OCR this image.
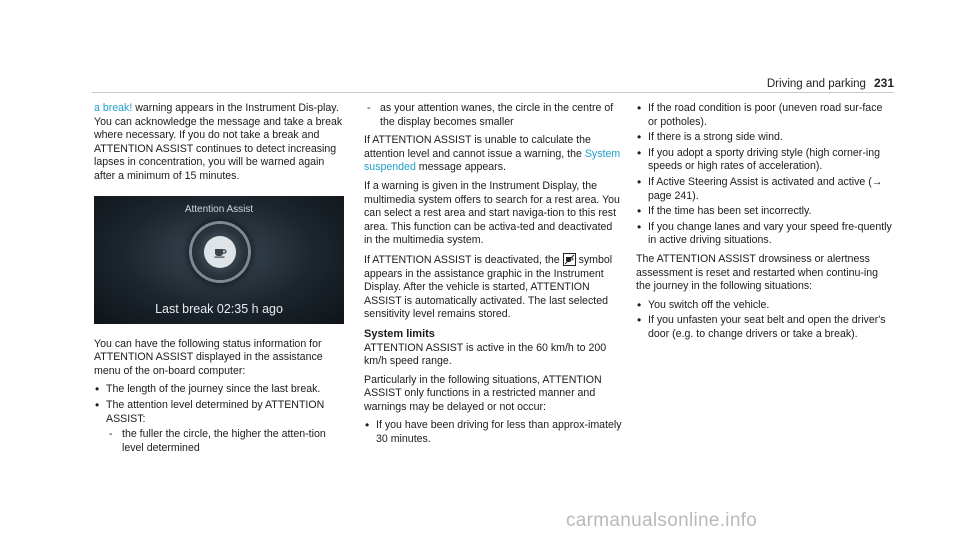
Driving and parking 231

a break! warning appears in the Instrument Dis-play. You can acknowledge the message and take a break where necessary. If you do not take a break and ATTENTION ASSIST continues to detect increasing lapses in concentration, you will be warned again after a minimum of 15 minutes.

Attention Assist
Last break 02:35 h ago

You can have the following status information for ATTENTION ASSIST displayed in the assistance menu of the on-board computer:

• The length of the journey since the last break.
• The attention level determined by ATTENTION ASSIST:
- the fuller the circle, the higher the atten-tion level determined
- as your attention wanes, the circle in the centre of the display becomes smaller

If ATTENTION ASSIST is unable to calculate the attention level and cannot issue a warning, the System suspended message appears.

If a warning is given in the Instrument Display, the multimedia system offers to search for a rest area. You can select a rest area and start naviga-tion to this rest area. This function can be activa-ted and deactivated in the multimedia system.

If ATTENTION ASSIST is deactivated, the
symbol appears in the assistance graphic in the Instrument Display. After the vehicle is started, ATTENTION ASSIST is automatically activated. The last selected sensitivity level remains stored.

System limits

ATTENTION ASSIST is active in the 60 km/h to 200 km/h speed range.

Particularly in the following situations, ATTENTION ASSIST only functions in a restricted manner and warnings may be delayed or not occur:

• If you have been driving for less than approx-imately 30 minutes.
• If the road condition is poor (uneven road sur-face or potholes).
• If there is a strong side wind.
• If you adopt a sporty driving style (high corner-ing speeds or high rates of acceleration).
• If Active Steering Assist is activated and active (→ page 241).
• If the time has been set incorrectly.
• If you change lanes and vary your speed fre-quently in active driving situations.

The ATTENTION ASSIST drowsiness or alertness assessment is reset and restarted when continu-ing the journey in the following situations:

• You switch off the vehicle.
• If you unfasten your seat belt and open the driver's door (e.g. to change drivers or take a break).
carmanualsonline.info
